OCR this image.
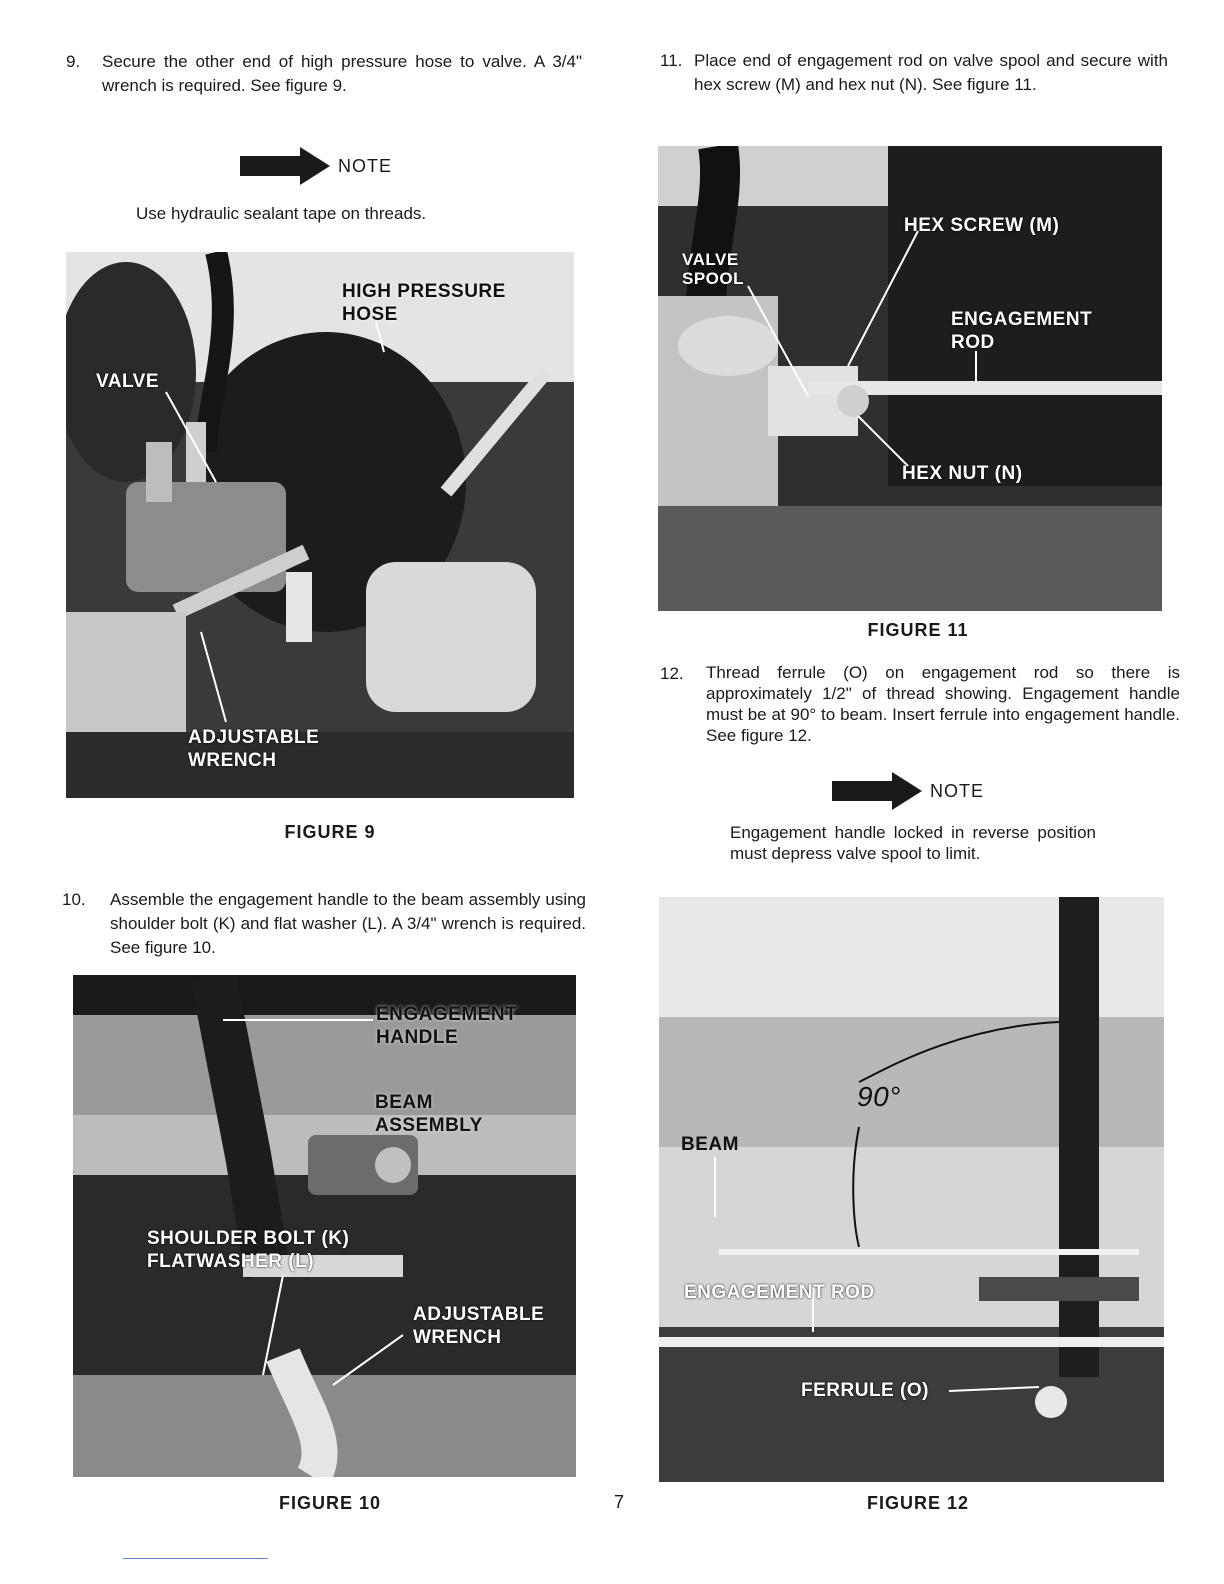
9. Secure the other end of high pressure hose to valve. A 3/4" wrench is required. See figure 9.
NOTE
Use hydraulic sealant tape on threads.
HIGH PRESSURE
HOSE
VALVE
ADJUSTABLE
WRENCH
FIGURE 9
10. Assemble the engagement handle to the beam assembly using shoulder bolt (K) and flat washer (L). A 3/4" wrench is required. See figure 10.
ENGAGEMENT
HANDLE
BEAM
ASSEMBLY
SHOULDER BOLT (K)
FLATWASHER (L)
ADJUSTABLE
WRENCH
FIGURE 10
11. Place end of engagement rod on valve spool and secure with hex screw (M) and hex nut (N). See figure 11.
VALVE
SPOOL
HEX SCREW (M)
ENGAGEMENT
ROD
HEX NUT (N)
FIGURE 11
12. Thread ferrule (O) on engagement rod so there is approximately 1/2" of thread showing. Engagement handle must be at 90° to beam. Insert ferrule into engagement handle. See figure 12.
NOTE
Engagement handle locked in reverse position must depress valve spool to limit.
90°
BEAM
ENGAGEMENT ROD
FERRULE (O)
FIGURE 12
7
